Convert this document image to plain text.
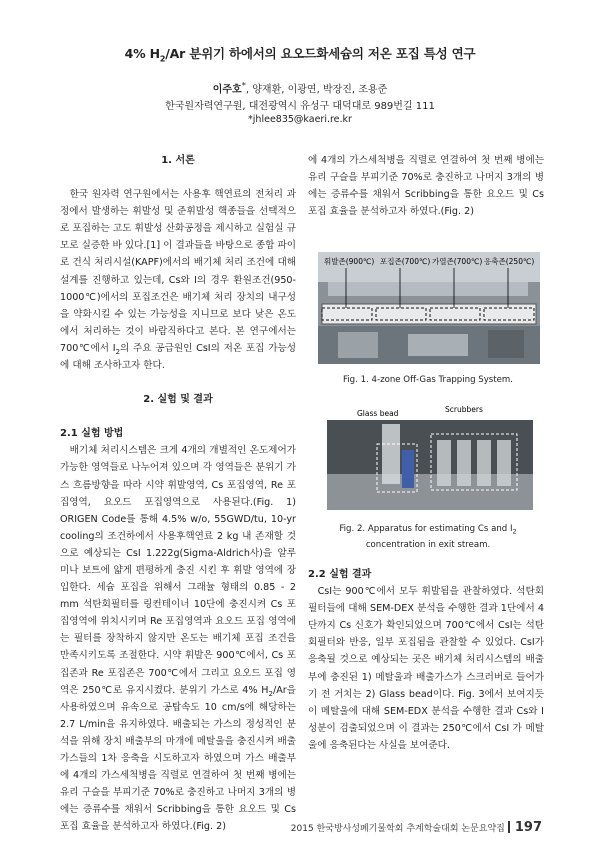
4% $H_2/Ar$ 분위기 하에서의 요오드화세슘의 저온 포집 특성 연구
이주호*, 양재환, 이광연, 박장진, 조용준
한국원자력연구원, 대전광역시 유성구 대덕대로 989번길 111
*jhlee835@kaeri.re.kr

1. 서론

한국 원자력 연구원에서는 사용후 핵연료의 전처리 과정에서 발생하는 휘발성 및 준휘발성 핵종들을 선택적으로 포집하는 고도 휘발성 산화공정을 제시하고 실험실 규모로 실증한 바 있다.[1] 이 결과들을 바탕으로 종합 파이로 건식 처리시설(KAPF)에서의 배기체 처리 조건에 대해 설계를 진행하고 있는데, Cs와 I의 경우 환원조건(950-1000℃)에서의 포집조건은 배기체 처리 장치의 내구성을 약화시킬 수 있는 가능성을 지니므로 보다 낮은 온도에서 처리하는 것이 바람직하다고 본다. 본 연구에서는 700℃에서 $I_2$의 주요 공급원인 CsI의 저온 포집 가능성에 대해 조사하고자 한다.

2. 실험 및 결과

2.1 실험 방법

배기체 처리시스템은 크게 4개의 개별적인 온도제어가 가능한 영역들로 나누어져 있으며 각 영역들은 분위기 가스 흐름방향을 따라 시약 휘발영역, Cs 포집영역, Re 포집영역, 요오드 포집영역으로 사용된다.(Fig. 1) ORIGEN Code를 통해 4.5% w/o, 55GWD/tu, 10-yr cooling의 조건하에서 사용후핵연료 2 kg 내 존재할 것으로 예상되는 CsI 1.222g(Sigma-Aldrich사)을 알루미나 보트에 얇게 편평하게 충진 시킨 후 휘발 영역에 장입한다. 세슘 포집을 위해서 그래뉼 형태의 0.85 - 2 mm 석탄회필터를 링컨테이너 10단에 충진시켜 Cs 포집영역에 위치시키며 Re 포집영역과 요오드 포집 영역에는 필터를 장착하지 않지만 온도는 배기체 포집 조건을 만족시키도록 조절한다. 시약 휘발은 900℃에서, Cs 포집존과 Re 포집존은 700℃에서 그리고 요오드 포집 영역은 250℃로 유지시켰다. 분위기 가스로 4% $H_2/Ar$을 사용하였으며 유속으로 공탑속도 10 cm/s에 해당하는 2.7 L/min을 유지하였다. 배출되는 가스의 정성적인 분석을 위해 장치 배출부의 마개에 메탈울을 충진시켜 배출가스들의 1차 응축을 시도하고자 하였으며 가스 배출부에 4개의 가스세척병을 직렬로 연결하여 첫 번째 병에는 유리 구슬을 부피기준 70%로 충진하고 나머지 3개의 병에는 증류수를 채워서 Scribbing을 통한 요오드 및 Cs 포집 효율을 분석하고자 하였다.(Fig. 2)

에 4개의 가스세척병을 직렬로 연결하여 첫 번째 병에는 유리 구슬을 부피기준 70%로 충진하고 나머지 3개의 병에는 증류수를 채워서 Scribbing을 통한 요오드 및 Cs 포집 효율을 분석하고자 하였다.(Fig. 2)

휘발존(900℃) 포집존(700℃) 가열존(700℃) 응축존(250℃)
Fig. 1. 4-zone Off-Gas Trapping System.
Glass bead	Scrubbers
Fig. 2. Apparatus for estimating Cs and $I_2$
concentration in exit stream.

2.2 실험 결과

CsI는 900℃에서 모두 휘발됨을 관찰하였다. 석탄회 필터들에 대해 SEM-DEX 분석을 수행한 결과 1단에서 4단까지 Cs 신호가 확인되었으며 700℃에서 CsI는 석탄회필터와 반응, 일부 포집됨을 관찰할 수 있었다. CsI가 응축될 것으로 예상되는 곳은 배기체 처리시스템의 배출부에 충진된 1) 메탈울과 배출가스가 스크러버로 들어가기 전 거치는 2) Glass bead이다. Fig. 3에서 보여지듯이 메탈울에 대해 SEM-EDX 분석을 수행한 결과 Cs와 I 성분이 검출되었으며 이 결과는 250℃에서 CsI 가 메탈울에 응축된다는 사실을 보여준다.

2015 한국방사성폐기물학회 추계학술대회 논문요약집 197
